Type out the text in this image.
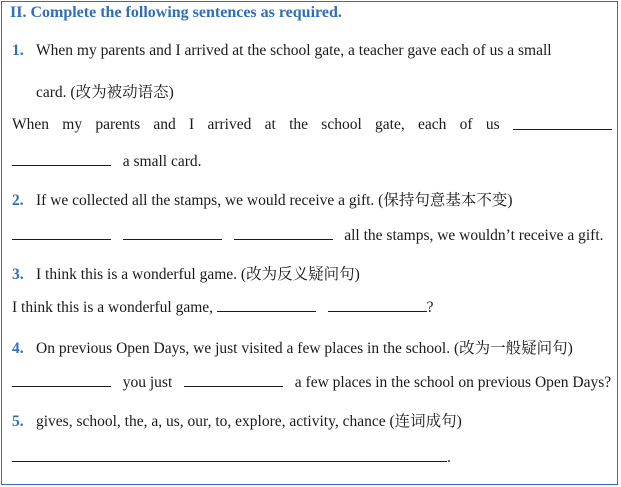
II. Complete the following sentences as required.
1. When my parents and I arrived at the school gate, a teacher gave each of us a small
card. (改为被动语态)
When my parents and I arrived at the school gate, each of us
a small card.
2. If we collected all the stamps, we would receive a gift. (保持句意基本不变)
all the stamps, we wouldn’t receive a gift.
3. I think this is a wonderful game. (改为反义疑问句)
I think this is a wonderful game,	?
4. On previous Open Days, we just visited a few places in the school. (改为一般疑问句)
you just	a few places in the school on previous Open Days?
5. gives, school, the, a, us, our, to, explore, activity, chance (连词成句)
.
